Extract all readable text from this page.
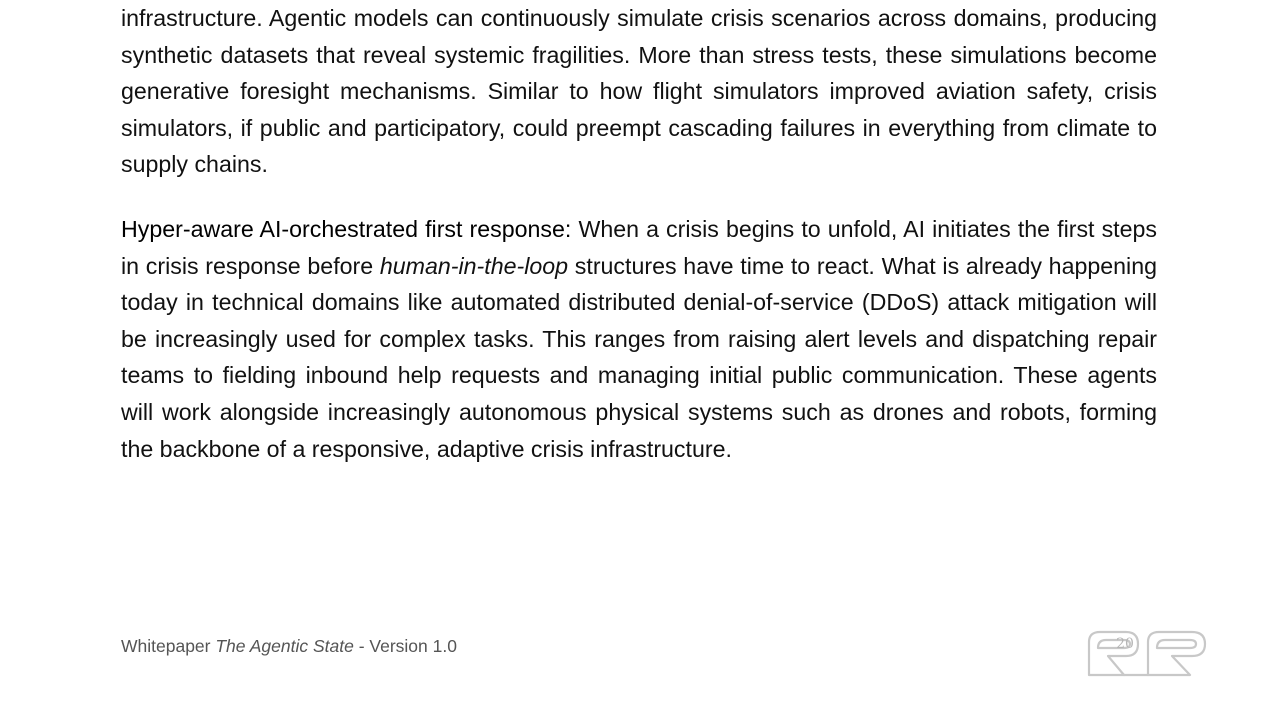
infrastructure. Agentic models can continuously simulate crisis scenarios across domains, producing synthetic datasets that reveal systemic fragilities. More than stress tests, these simulations become generative foresight mechanisms. Similar to how flight simulators improved aviation safety, crisis simulators, if public and participatory, could preempt cascading failures in everything from climate to supply chains.

Hyper-aware AI-orchestrated first response: When a crisis begins to unfold, AI initiates the first steps in crisis response before human-in-the-loop structures have time to react. What is already happening today in technical domains like automated distributed denial-of-service (DDoS) attack mitigation will be increasingly used for complex tasks. This ranges from raising alert levels and dispatching repair teams to fielding inbound help requests and managing initial public communication. These agents will work alongside increasingly autonomous physical systems such as drones and robots, forming the backbone of a responsive, adaptive crisis infrastructure.

Whitepaper The Agentic State - Version 1.0	20
